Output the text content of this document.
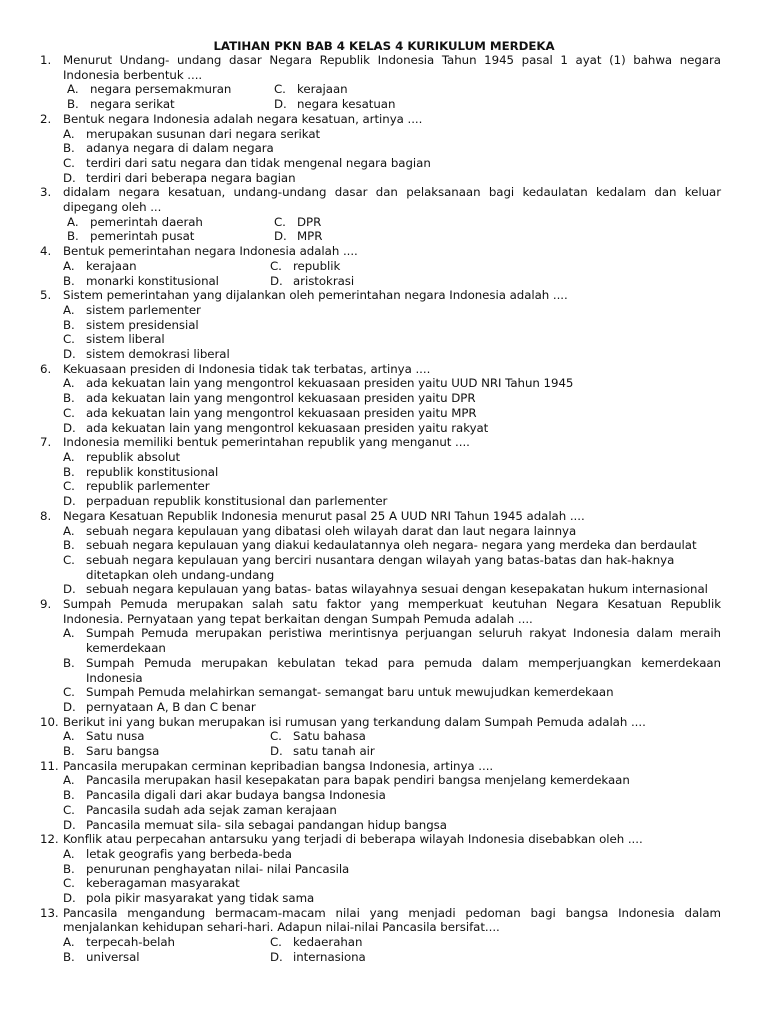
LATIHAN PKN BAB 4 KELAS 4 KURIKULUM MERDEKA
1.	Menurut Undang- undang dasar Negara Republik Indonesia Tahun 1945 pasal 1 ayat (1) bahwa negara Indonesia berbentuk ....
A. negara persemakmuran	C. kerajaan
B. negara serikat	D. negara kesatuan
2.	Bentuk negara Indonesia adalah negara kesatuan, artinya ....
A. merupakan susunan dari negara serikat
B. adanya negara di dalam negara
C. terdiri dari satu negara dan tidak mengenal negara bagian
D. terdiri dari beberapa negara bagian
3.	didalam negara kesatuan, undang-undang dasar dan pelaksanaan bagi kedaulatan kedalam dan keluar dipegang oleh ...
A. pemerintah daerah	C. DPR
B. pemerintah pusat	D. MPR
4.	Bentuk pemerintahan negara Indonesia adalah ....
A. kerajaan	C. republik
B. monarki konstitusional	D. aristokrasi
5.	Sistem pemerintahan yang dijalankan oleh pemerintahan negara Indonesia adalah ....
A. sistem parlementer
B. sistem presidensial
C. sistem liberal
D. sistem demokrasi liberal
6.	Kekuasaan presiden di Indonesia tidak tak terbatas, artinya ....
A. ada kekuatan lain yang mengontrol kekuasaan presiden yaitu UUD NRI Tahun 1945
B. ada kekuatan lain yang mengontrol kekuasaan presiden yaitu DPR
C. ada kekuatan lain yang mengontrol kekuasaan presiden yaitu MPR
D. ada kekuatan lain yang mengontrol kekuasaan presiden yaitu rakyat
7.	Indonesia memiliki bentuk pemerintahan republik yang menganut ....
A. republik absolut
B. republik konstitusional
C. republik parlementer
D. perpaduan republik konstitusional dan parlementer
8.	Negara Kesatuan Republik Indonesia menurut pasal 25 A UUD NRI Tahun 1945 adalah ....
A. sebuah negara kepulauan yang dibatasi oleh wilayah darat dan laut negara lainnya
B. sebuah negara kepulauan yang diakui kedaulatannya oleh negara- negara yang merdeka dan berdaulat
C. sebuah negara kepulauan yang berciri nusantara dengan wilayah yang batas-batas dan hak-haknya ditetapkan oleh undang-undang
D. sebuah negara kepulauan yang batas- batas wilayahnya sesuai dengan kesepakatan hukum internasional
9.	Sumpah Pemuda merupakan salah satu faktor yang memperkuat keutuhan Negara Kesatuan Republik Indonesia. Pernyataan yang tepat berkaitan dengan Sumpah Pemuda adalah ....
A. Sumpah Pemuda merupakan peristiwa merintisnya perjuangan seluruh rakyat Indonesia dalam meraih kemerdekaan
B. Sumpah Pemuda merupakan kebulatan tekad para pemuda dalam memperjuangkan kemerdekaan Indonesia
C. Sumpah Pemuda melahirkan semangat- semangat baru untuk mewujudkan kemerdekaan
D. pernyataan A, B dan C benar
10. Berikut ini yang bukan merupakan isi rumusan yang terkandung dalam Sumpah Pemuda adalah ....
A. Satu nusa	C. Satu bahasa
B. Saru bangsa	D. satu tanah air
11. Pancasila merupakan cerminan kepribadian bangsa Indonesia, artinya ....
A. Pancasila merupakan hasil kesepakatan para bapak pendiri bangsa menjelang kemerdekaan
B. Pancasila digali dari akar budaya bangsa Indonesia
C. Pancasila sudah ada sejak zaman kerajaan
D. Pancasila memuat sila- sila sebagai pandangan hidup bangsa
12. Konflik atau perpecahan antarsuku yang terjadi di beberapa wilayah Indonesia disebabkan oleh ....
A. letak geografis yang berbeda-beda
B. penurunan penghayatan nilai- nilai Pancasila
C. keberagaman masyarakat
D. pola pikir masyarakat yang tidak sama
13. Pancasila mengandung bermacam-macam nilai yang menjadi pedoman bagi bangsa Indonesia dalam menjalankan kehidupan sehari-hari. Adapun nilai-nilai Pancasila bersifat....
A. terpecah-belah	C. kedaerahan
B. universal	D. internasiona
